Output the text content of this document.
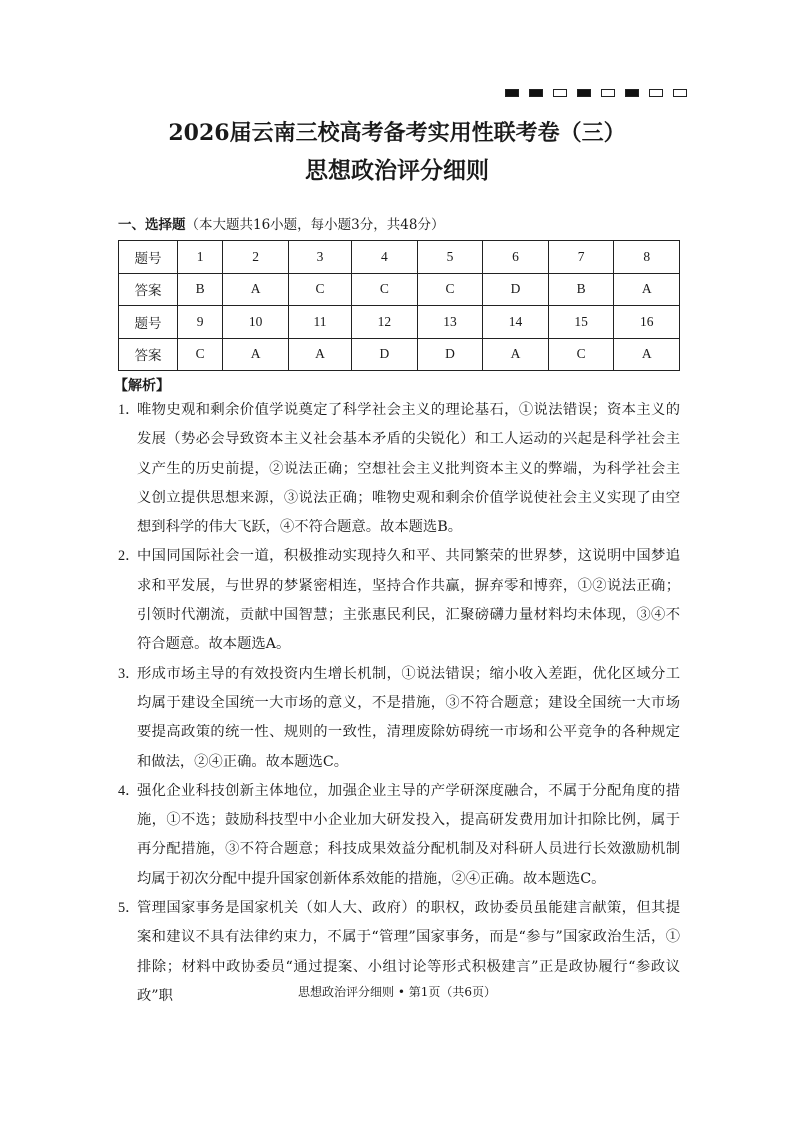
2026届云南三校高考备考实用性联考卷（三）
思想政治评分细则
一、选择题（本大题共16小题，每小题3分，共48分）
题号	1	2	3	4	5	6	7	8
答案	B	A	C	C	C	D	B	A
题号	9	10	11	12	13	14	15	16
答案	C	A	A	D	D	A	C	A
【解析】
1．
唯物史观和剩余价值学说奠定了科学社会主义的理论基石，①说法错误；资本主义的发展（势必会导致资本主义社会基本矛盾的尖锐化）和工人运动的兴起是科学社会主义产生的历史前提，②说法正确；空想社会主义批判资本主义的弊端，为科学社会主义创立提供思想来源，③说法正确；唯物史观和剩余价值学说使社会主义实现了由空想到科学的伟大飞跃，④不符合题意。故本题选B。
2．
中国同国际社会一道，积极推动实现持久和平、共同繁荣的世界梦，这说明中国梦追求和平发展，与世界的梦紧密相连，坚持合作共赢，摒弃零和博弈，①②说法正确；引领时代潮流，贡献中国智慧；主张惠民利民，汇聚磅礴力量材料均未体现，③④不符合题意。故本题选A。
3．
形成市场主导的有效投资内生增长机制，①说法错误；缩小收入差距，优化区域分工均属于建设全国统一大市场的意义，不是措施，③不符合题意；建设全国统一大市场要提高政策的统一性、规则的一致性，清理废除妨碍统一市场和公平竞争的各种规定和做法，②④正确。故本题选C。
4．
强化企业科技创新主体地位，加强企业主导的产学研深度融合，不属于分配角度的措施，①不选；鼓励科技型中小企业加大研发投入，提高研发费用加计扣除比例，属于再分配措施，③不符合题意；科技成果效益分配机制及对科研人员进行长效激励机制均属于初次分配中提升国家创新体系效能的措施，②④正确。故本题选C。
5．
管理国家事务是国家机关（如人大、政府）的职权，政协委员虽能建言献策，但其提案和建议不具有法律约束力，不属于“管理”国家事务，而是“参与”国家政治生活，①排除；材料中政协委员“通过提案、小组讨论等形式积极建言”正是政协履行“参政议政”职	思想政治评分细则 • 第1页（共6页）
